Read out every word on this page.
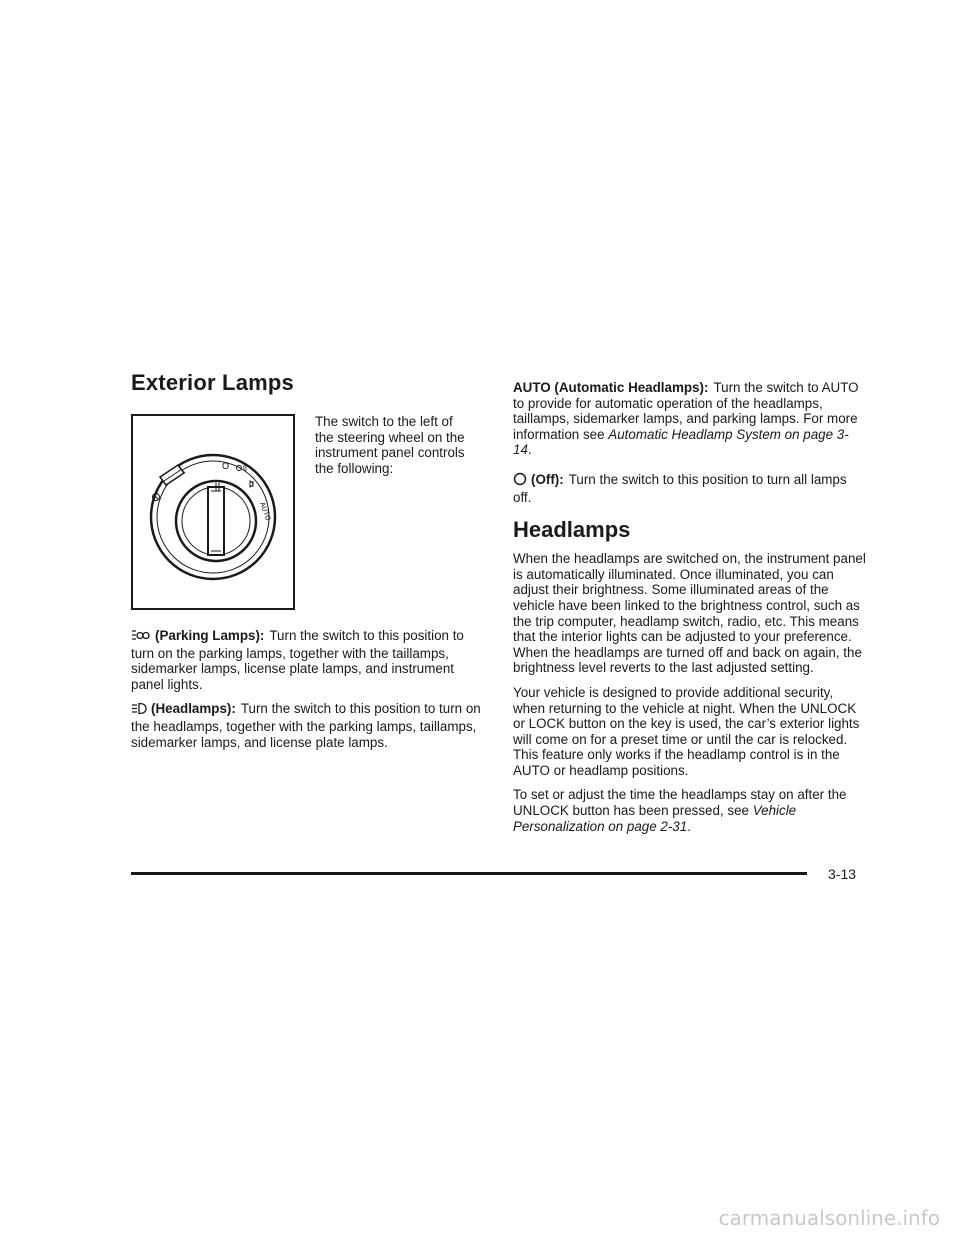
Exterior Lamps
O
AUTO

The switch to the left of the steering wheel on the instrument panel controls the following:

(Parking Lamps): Turn the switch to this position to turn on the parking lamps, together with the taillamps, sidemarker lamps, license plate lamps, and instrument panel lights.

(Headlamps): Turn the switch to this position to turn on the headlamps, together with the parking lamps, taillamps, sidemarker lamps, and license plate lamps.

AUTO (Automatic Headlamps): Turn the switch to AUTO to provide for automatic operation of the headlamps, taillamps, sidemarker lamps, and parking lamps. For more information see Automatic Headlamp System on page 3-14.

(Off): Turn the switch to this position to turn all lamps off.

Headlamps

When the headlamps are switched on, the instrument panel is automatically illuminated. Once illuminated, you can adjust their brightness. Some illuminated areas of the vehicle have been linked to the brightness control, such as the trip computer, headlamp switch, radio, etc. This means that the interior lights can be adjusted to your preference. When the headlamps are turned off and back on again, the brightness level reverts to the last adjusted setting.

Your vehicle is designed to provide additional security, when returning to the vehicle at night. When the UNLOCK or LOCK button on the key is used, the car’s exterior lights will come on for a preset time or until the car is relocked. This feature only works if the headlamp control is in the AUTO or headlamp positions.

To set or adjust the time the headlamps stay on after the UNLOCK button has been pressed, see Vehicle Personalization on page 2-31.

3-13
carmanualsonline.info
